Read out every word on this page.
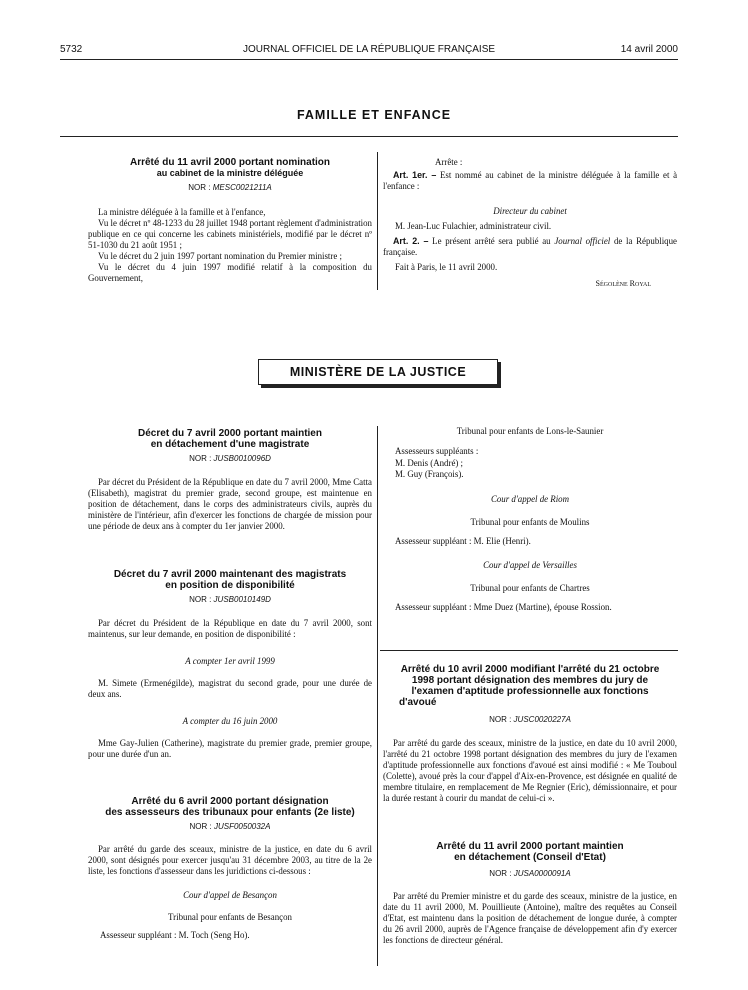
5732	JOURNAL OFFICIEL DE LA RÉPUBLIQUE FRANÇAISE	14 avril 2000
FAMILLE ET ENFANCE

Arrêté du 11 avril 2000 portant nomination

au cabinet de la ministre déléguée

NOR : MESC0021211A

La ministre déléguée à la famille et à l'enfance,

Vu le décret nº 48-1233 du 28 juillet 1948 portant règlement d'administration publique en ce qui concerne les cabinets ministériels, modifié par le décret nº 51-1030 du 21 août 1951 ;

Vu le décret du 2 juin 1997 portant nomination du Premier ministre ;

Vu le décret du 4 juin 1997 modifié relatif à la composition du Gouvernement,

Arrête :

Art. 1er. – Est nommé au cabinet de la ministre déléguée à la famille et à l'enfance :

Directeur du cabinet

M. Jean-Luc Fulachier, administrateur civil.

Art. 2. – Le présent arrêté sera publié au Journal officiel de la République française.

Fait à Paris, le 11 avril 2000.

Ségolène Royal

MINISTÈRE DE LA JUSTICE

Décret du 7 avril 2000 portant maintien

en détachement d'une magistrate

NOR : JUSB0010096D

Par décret du Président de la République en date du 7 avril 2000, Mme Catta (Elisabeth), magistrat du premier grade, second groupe, est maintenue en position de détachement, dans le corps des administrateurs civils, auprès du ministère de l'intérieur, afin d'exercer les fonctions de chargée de mission pour une période de deux ans à compter du 1er janvier 2000.

Décret du 7 avril 2000 maintenant des magistrats

en position de disponibilité

NOR : JUSB0010149D

Par décret du Président de la République en date du 7 avril 2000, sont maintenus, sur leur demande, en position de disponibilité :

A compter 1er avril 1999

M. Simete (Ermenégilde), magistrat du second grade, pour une durée de deux ans.

A compter du 16 juin 2000

Mme Gay-Julien (Catherine), magistrate du premier grade, premier groupe, pour une durée d'un an.

Arrêté du 6 avril 2000 portant désignation

des assesseurs des tribunaux pour enfants (2e liste)

NOR : JUSF0050032A

Par arrêté du garde des sceaux, ministre de la justice, en date du 6 avril 2000, sont désignés pour exercer jusqu'au 31 décembre 2003, au titre de la 2e liste, les fonctions d'assesseur dans les juridictions ci-dessous :

Cour d'appel de Besançon

Tribunal pour enfants de Besançon

Assesseur suppléant : M. Toch (Seng Ho).

Tribunal pour enfants de Lons-le-Saunier

Assesseurs suppléants :

M. Denis (André) ;

M. Guy (François).

Cour d'appel de Riom

Tribunal pour enfants de Moulins

Assesseur suppléant : M. Elie (Henri).

Cour d'appel de Versailles

Tribunal pour enfants de Chartres

Assesseur suppléant : Mme Duez (Martine), épouse Rossion.

Arrêté du 10 avril 2000 modifiant l'arrêté du 21 octobre

1998 portant désignation des membres du jury de

l'examen d'aptitude professionnelle aux fonctions

d'avoué

NOR : JUSC0020227A

Par arrêté du garde des sceaux, ministre de la justice, en date du 10 avril 2000, l'arrêté du 21 octobre 1998 portant désignation des membres du jury de l'examen d'aptitude professionnelle aux fonctions d'avoué est ainsi modifié : « Me Touboul (Colette), avoué près la cour d'appel d'Aix-en-Provence, est désignée en qualité de membre titulaire, en remplacement de Me Regnier (Eric), démissionnaire, et pour la durée restant à courir du mandat de celui-ci ».

Arrêté du 11 avril 2000 portant maintien

en détachement (Conseil d'Etat)

NOR : JUSA0000091A

Par arrêté du Premier ministre et du garde des sceaux, ministre de la justice, en date du 11 avril 2000, M. Pouillieute (Antoine), maître des requêtes au Conseil d'Etat, est maintenu dans la position de détachement de longue durée, à compter du 26 avril 2000, auprès de l'Agence française de développement afin d'y exercer les fonctions de directeur général.
